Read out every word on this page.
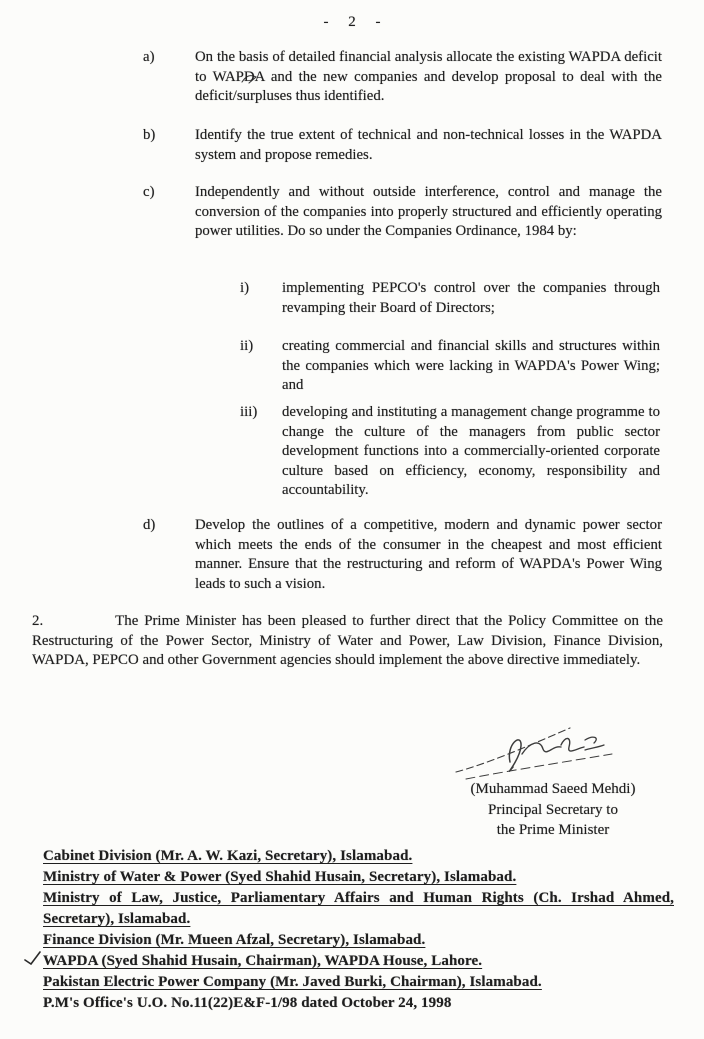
- 2 -
a)	On the basis of detailed financial analysis allocate the existing WAPDA deficit to WAPDA and the new companies and develop proposal to deal with the deficit/surpluses thus identified.
b)	Identify the true extent of technical and non-technical losses in the WAPDA system and propose remedies.
c)	Independently and without outside interference, control and manage the conversion of the companies into properly structured and efficiently operating power utilities. Do so under the Companies Ordinance, 1984 by:
i) implementing PEPCO's control over the companies through revamping their Board of Directors;
ii) creating commercial and financial skills and structures within the companies which were lacking in WAPDA's Power Wing; and
iii) developing and instituting a management change programme to change the culture of the managers from public sector development functions into a commercially-oriented corporate culture based on efficiency, economy, responsibility and accountability.
d)	Develop the outlines of a competitive, modern and dynamic power sector which meets the ends of the consumer in the cheapest and most efficient manner. Ensure that the restructuring and reform of WAPDA's Power Wing leads to such a vision.
2.	The Prime Minister has been pleased to further direct that the Policy Committee on the Restructuring of the Power Sector, Ministry of Water and Power, Law Division, Finance Division, WAPDA, PEPCO and other Government agencies should implement the above directive immediately.
(Muhammad Saeed Mehdi)
Principal Secretary to
the Prime Minister
Cabinet Division (Mr. A. W. Kazi, Secretary), Islamabad.
Ministry of Water & Power (Syed Shahid Husain, Secretary), Islamabad.
Ministry of Law, Justice, Parliamentary Affairs and Human Rights (Ch. Irshad Ahmed, Secretary), Islamabad.
Finance Division (Mr. Mueen Afzal, Secretary), Islamabad.
WAPDA (Syed Shahid Husain, Chairman), WAPDA House, Lahore.
Pakistan Electric Power Company (Mr. Javed Burki, Chairman), Islamabad.
P.M's Office's U.O. No.11(22)E&F-1/98 dated October 24, 1998
